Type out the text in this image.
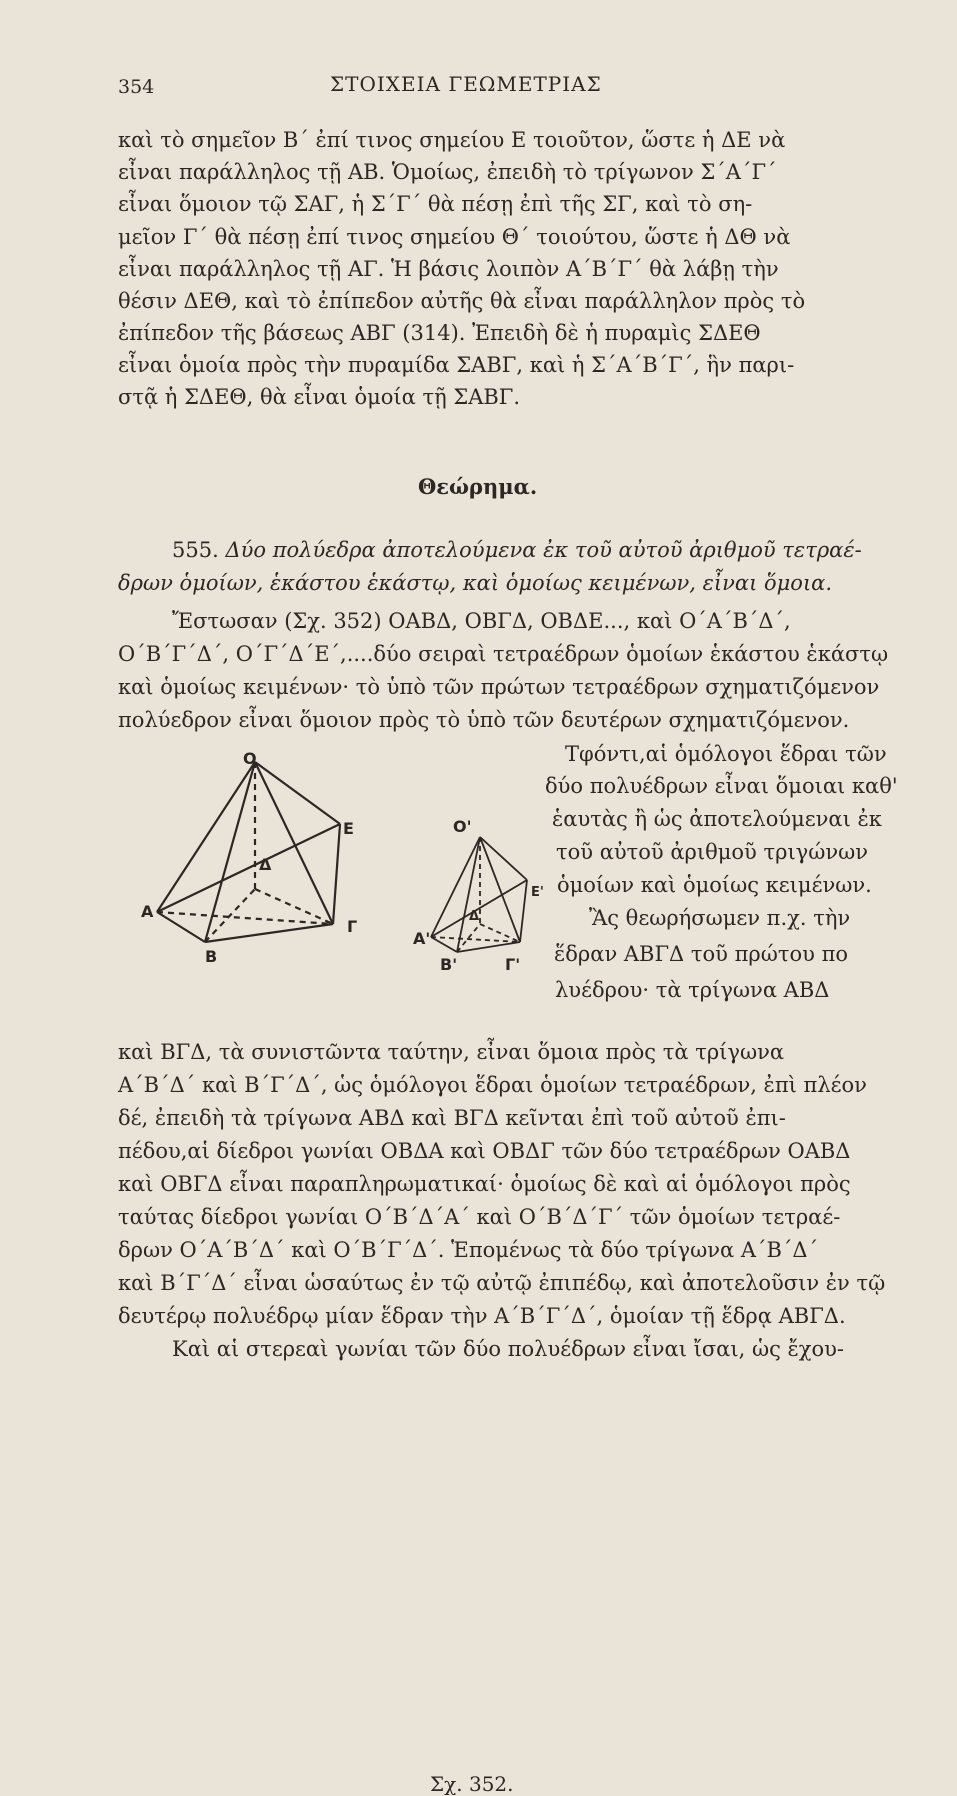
354	ΣΤΟΙΧΕΙΑ ΓΕΩΜΕΤΡΙΑΣ
καὶ τὸ σημεῖον Β΄ ἐπί τινος σημείου Ε τοιοῦτον, ὥστε ἡ ΔΕ νὰ
εἶναι παράλληλος τῇ ΑΒ. Ὁμοίως, ἐπειδὴ τὸ τρίγωνον Σ΄Α΄Γ΄
εἶναι ὅμοιον τῷ ΣΑΓ, ἡ Σ΄Γ΄ θὰ πέσῃ ἐπὶ τῆς ΣΓ, καὶ τὸ ση-
μεῖον Γ΄ θὰ πέσῃ ἐπί τινος σημείου Θ΄ τοιούτου, ὥστε ἡ ΔΘ νὰ
εἶναι παράλληλος τῇ ΑΓ. Ἡ βάσις λοιπὸν Α΄Β΄Γ΄ θὰ λάβῃ τὴν
θέσιν ΔΕΘ, καὶ τὸ ἐπίπεδον αὐτῆς θὰ εἶναι παράλληλον πρὸς τὸ
ἐπίπεδον τῆς βάσεως ΑΒΓ (314). Ἐπειδὴ δὲ ἡ πυραμὶς ΣΔΕΘ
εἶναι ὁμοία πρὸς τὴν πυραμίδα ΣΑΒΓ, καὶ ἡ Σ΄Α΄Β΄Γ΄, ἣν παρι-
στᾷ ἡ ΣΔΕΘ, θὰ εἶναι ὁμοία τῇ ΣΑΒΓ.
Θεώρημα.
555. Δύο πολύεδρα ἀποτελούμενα ἐκ τοῦ αὐτοῦ ἀριθμοῦ τετραέ-
δρων ὁμοίων, ἑκάστου ἑκάστῳ, καὶ ὁμοίως κειμένων, εἶναι ὅμοια.
Ἔστωσαν (Σχ. 352) ΟΑΒΔ, ΟΒΓΔ, ΟΒΔΕ..., καὶ Ο΄Α΄Β΄Δ΄,
Ο΄Β΄Γ΄Δ΄, Ο΄Γ΄Δ΄Ε΄,....δύο σειραὶ τετραέδρων ὁμοίων ἑκάστου ἑκάστῳ
καὶ ὁμοίως κειμένων· τὸ ὑπὸ τῶν πρώτων τετραέδρων σχηματιζόμενον
πολύεδρον εἶναι ὅμοιον πρὸς τὸ ὑπὸ τῶν δευτέρων σχηματιζόμενον.
Τφόντι,αἱ ὁμόλογοι ἕδραι τῶν
δύο πολυέδρων εἶναι ὅμοιαι καθ'
ἑαυτὰς ἢ ὡς ἀποτελούμεναι ἐκ
τοῦ αὐτοῦ ἀριθμοῦ τριγώνων
ὁμοίων καὶ ὁμοίως κειμένων.
Ἂς θεωρήσωμεν π.χ. τὴν
ἕδραν ΑΒΓΔ τοῦ πρώτου πο
λυέδρου· τὰ τρίγωνα ΑΒΔ
καὶ ΒΓΔ, τὰ συνιστῶντα ταύτην, εἶναι ὅμοια πρὸς τὰ τρίγωνα
Α΄Β΄Δ΄ καὶ Β΄Γ΄Δ΄, ὡς ὁμόλογοι ἕδραι ὁμοίων τετραέδρων, ἐπὶ πλέον
δέ, ἐπειδὴ τὰ τρίγωνα ΑΒΔ καὶ ΒΓΔ κεῖνται ἐπὶ τοῦ αὐτοῦ ἐπι-
πέδου,αἱ δίεδροι γωνίαι ΟΒΔΑ καὶ ΟΒΔΓ τῶν δύο τετραέδρων ΟΑΒΔ
καὶ ΟΒΓΔ εἶναι παραπληρωματικαί· ὁμοίως δὲ καὶ αἱ ὁμόλογοι πρὸς
ταύτας δίεδροι γωνίαι Ο΄Β΄Δ΄Α΄ καὶ Ο΄Β΄Δ΄Γ΄ τῶν ὁμοίων τετραέ-
δρων Ο΄Α΄Β΄Δ΄ καὶ Ο΄Β΄Γ΄Δ΄. Ἑπομένως τὰ δύο τρίγωνα Α΄Β΄Δ΄
καὶ Β΄Γ΄Δ΄ εἶναι ὡσαύτως ἐν τῷ αὐτῷ ἐπιπέδῳ, καὶ ἀποτελοῦσιν ἐν τῷ
δευτέρῳ πολυέδρῳ μίαν ἕδραν τὴν Α΄Β΄Γ΄Δ΄, ὁμοίαν τῇ ἕδρᾳ ΑΒΓΔ.
Καὶ αἱ στερεαὶ γωνίαι τῶν δύο πολυέδρων εἶναι ἴσαι, ὡς ἔχου-
O
A
B
Γ
Δ
E	O'
A'
B'	Γ'
Δ
E'
Σχ. 352.
